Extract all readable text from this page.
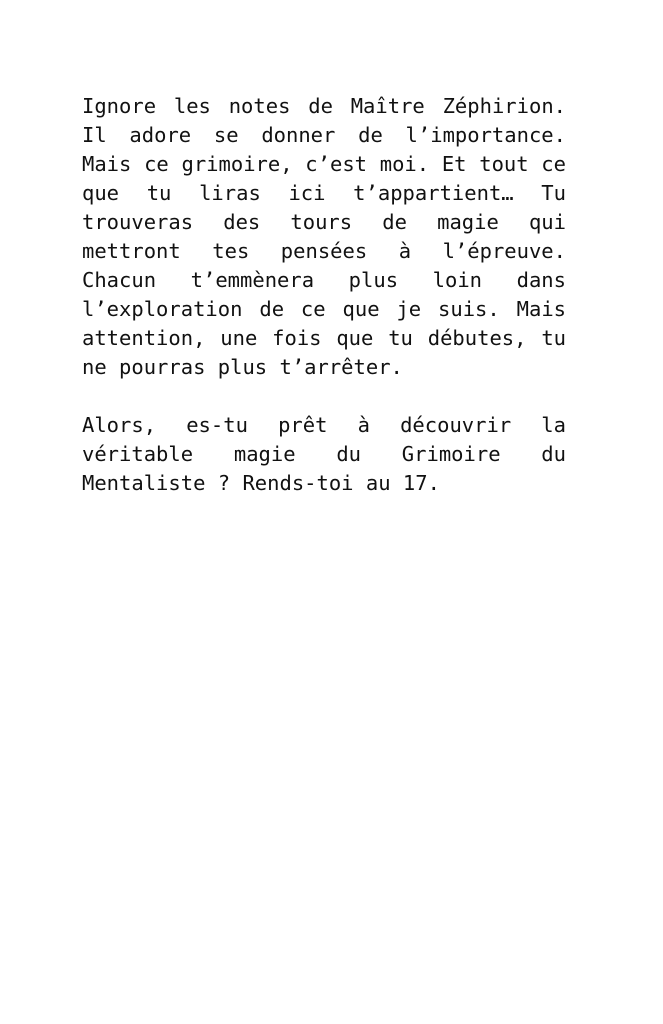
Ignore les notes de Maître Zéphirion. Il adore se donner de l’importance. Mais ce grimoire, c’est moi. Et tout ce que tu liras ici t’appartient… Tu trouveras des tours de magie qui mettront tes pensées à l’épreuve. Chacun t’emmènera plus loin dans l’exploration de ce que je suis. Mais attention, une fois que tu débutes, tu ne pourras plus t’arrêter.

Alors, es-tu prêt à découvrir la véritable magie du Grimoire du Mentaliste ? Rends-toi au 17.
